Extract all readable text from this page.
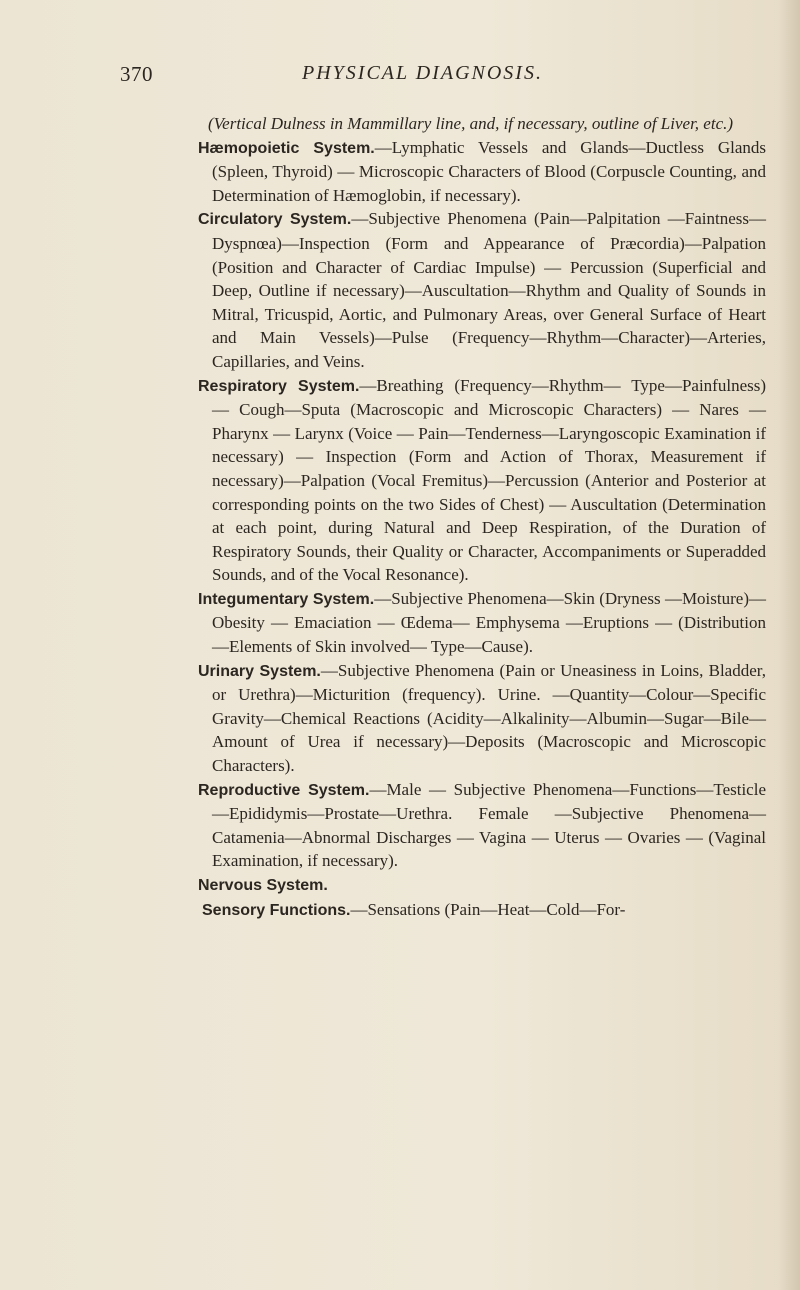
370	PHYSICAL DIAGNOSIS.

(Vertical Dulness in Mammillary line, and, if necessary, outline of Liver, etc.)

Hæmopoietic System.—Lymphatic Vessels and Glands—Ductless Glands (Spleen, Thyroid) — Microscopic Characters of Blood (Corpuscle Counting, and Determination of Hæmoglobin, if necessary).

Circulatory System.—Subjective Phenomena (Pain—Palpitation —Faintness—Dyspnœa)—Inspection (Form and Appearance of Præcordia)—Palpation (Position and Character of Cardiac Impulse) — Percussion (Superficial and Deep, Outline if necessary)—Auscultation—Rhythm and Quality of Sounds in Mitral, Tricuspid, Aortic, and Pulmonary Areas, over General Surface of Heart and Main Vessels)—Pulse (Frequency—Rhythm—Character)—Arteries, Capillaries, and Veins.

Respiratory System.—Breathing (Frequency—Rhythm— Type—Painfulness) — Cough—Sputa (Macroscopic and Microscopic Characters) — Nares — Pharynx — Larynx (Voice — Pain—Tenderness—Laryngoscopic Examination if necessary) — Inspection (Form and Action of Thorax, Measurement if necessary)—Palpation (Vocal Fremitus)—Percussion (Anterior and Posterior at corresponding points on the two Sides of Chest) — Auscultation (Determination at each point, during Natural and Deep Respiration, of the Duration of Respiratory Sounds, their Quality or Character, Accompaniments or Superadded Sounds, and of the Vocal Resonance).

Integumentary System.—Subjective Phenomena—Skin (Dryness —Moisture)—Obesity — Emaciation — Œdema— Emphysema —Eruptions — (Distribution—Elements of Skin involved— Type—Cause).

Urinary System.—Subjective Phenomena (Pain or Uneasiness in Loins, Bladder, or Urethra)—Micturition (frequency). Urine. —Quantity—Colour—Specific Gravity—Chemical Reactions (Acidity—Alkalinity—Albumin—Sugar—Bile—Amount of Urea if necessary)—Deposits (Macroscopic and Microscopic Characters).

Reproductive System.—Male — Subjective Phenomena—Functions—Testicle—Epididymis—Prostate—Urethra. Female —Subjective Phenomena—Catamenia—Abnormal Discharges — Vagina — Uterus — Ovaries — (Vaginal Examination, if necessary).

Nervous System.

Sensory Functions.—Sensations (Pain—Heat—Cold—For-
